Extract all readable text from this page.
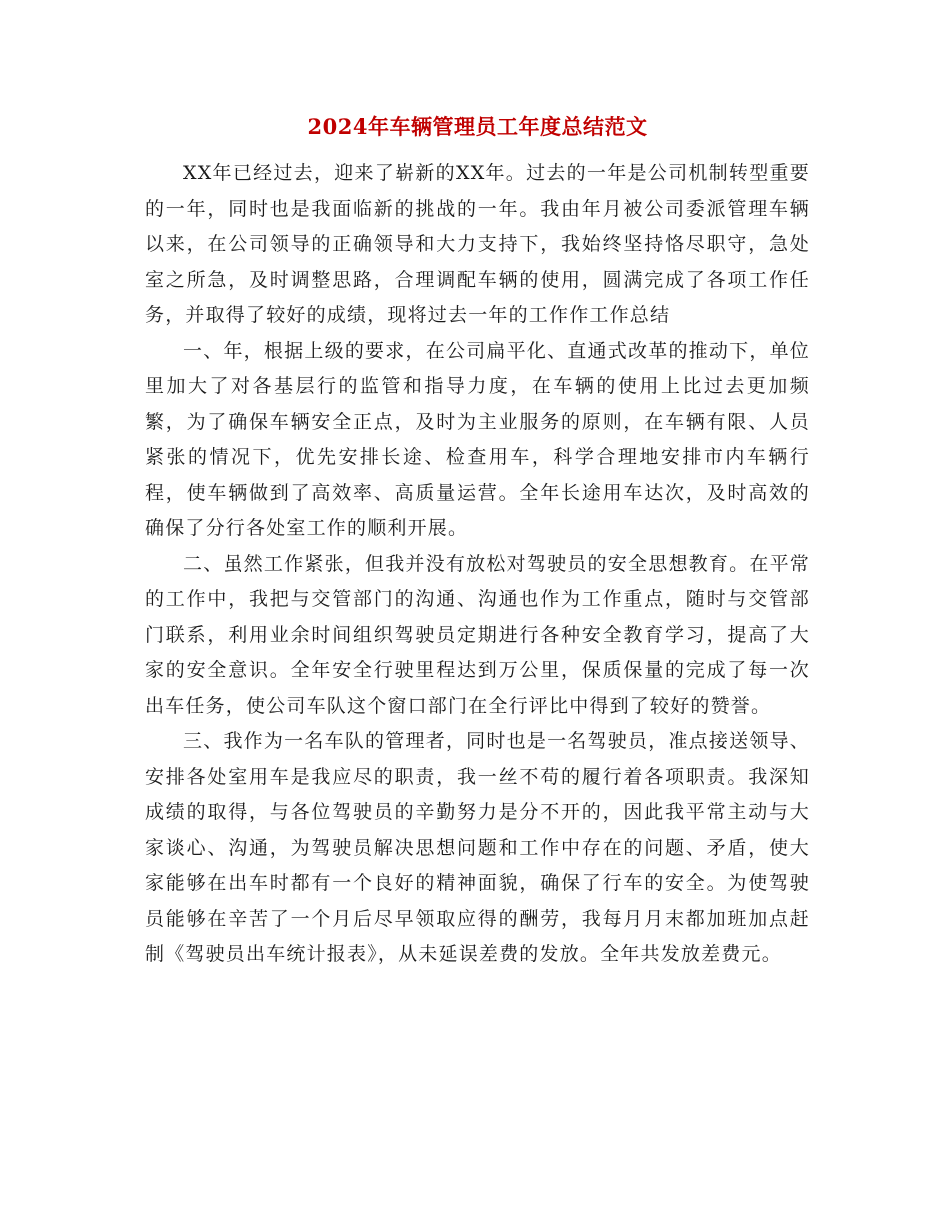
2024年车辆管理员工年度总结范文

XX年已经过去，迎来了崭新的XX年。过去的一年是公司机制转型重要的一年，同时也是我面临新的挑战的一年。我由年月被公司委派管理车辆以来，在公司领导的正确领导和大力支持下，我始终坚持恪尽职守，急处室之所急，及时调整思路，合理调配车辆的使用，圆满完成了各项工作任务，并取得了较好的成绩，现将过去一年的工作作工作总结

一、年，根据上级的要求，在公司扁平化、直通式改革的推动下，单位里加大了对各基层行的监管和指导力度，在车辆的使用上比过去更加频繁，为了确保车辆安全正点，及时为主业服务的原则，在车辆有限、人员紧张的情况下，优先安排长途、检查用车，科学合理地安排市内车辆行程，使车辆做到了高效率、高质量运营。全年长途用车达次，及时高效的确保了分行各处室工作的顺利开展。

二、虽然工作紧张，但我并没有放松对驾驶员的安全思想教育。在平常的工作中，我把与交管部门的沟通、沟通也作为工作重点，随时与交管部门联系，利用业余时间组织驾驶员定期进行各种安全教育学习，提高了大家的安全意识。全年安全行驶里程达到万公里，保质保量的完成了每一次出车任务，使公司车队这个窗口部门在全行评比中得到了较好的赞誉。

三、我作为一名车队的管理者，同时也是一名驾驶员，准点接送领导、安排各处室用车是我应尽的职责，我一丝不苟的履行着各项职责。我深知成绩的取得，与各位驾驶员的辛勤努力是分不开的，因此我平常主动与大家谈心、沟通，为驾驶员解决思想问题和工作中存在的问题、矛盾，使大家能够在出车时都有一个良好的精神面貌，确保了行车的安全。为使驾驶员能够在辛苦了一个月后尽早领取应得的酬劳，我每月月末都加班加点赶制《驾驶员出车统计报表》，从未延误差费的发放。全年共发放差费元。
